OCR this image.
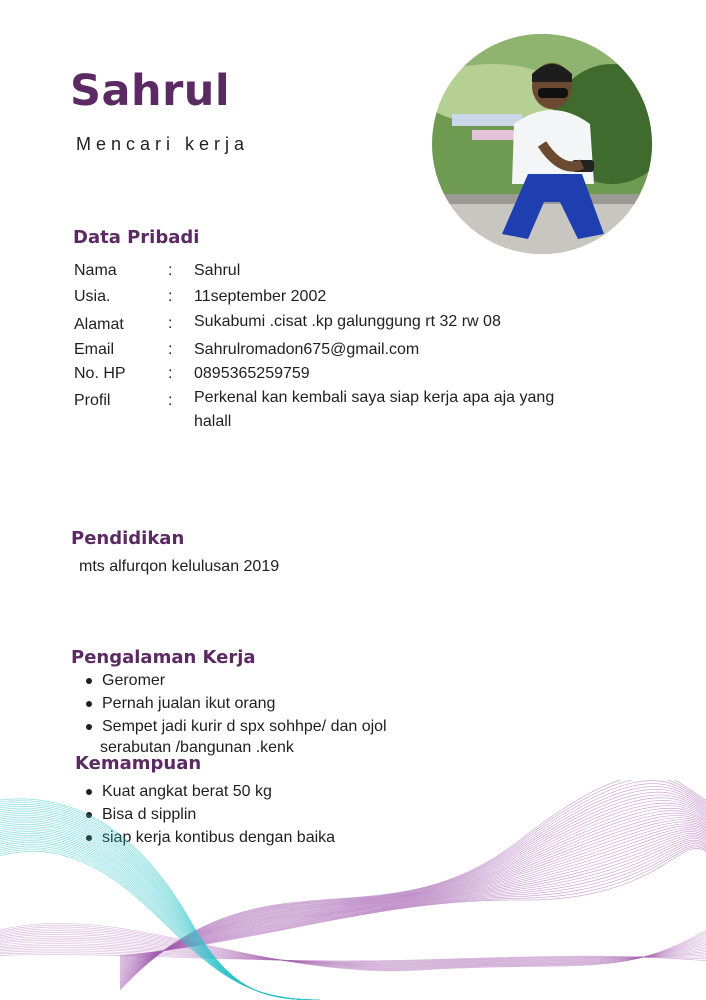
Sahrul
Mencari kerja
Data Pribadi
Nama	: Sahrul
Usia.	: 11september 2002
Alamat	: Sukabumi .cisat .kp galunggung rt 32 rw 08
Email	: Sahrulromadon675@gmail.com
No. HP	: 0895365259759
Profil	: Perkenal kan kembali saya siap kerja apa aja yang halall
Pendidikan
mts alfurqon kelulusan 2019
Pengalaman Kerja
Geromer
Pernah jualan ikut orang
Sempet jadi kurir d spx sohhpe/ dan ojol
serabutan /bangunan .kenk
Kemampuan
Kuat angkat berat 50 kg
Bisa d sipplin
siap kerja kontibus dengan baika
